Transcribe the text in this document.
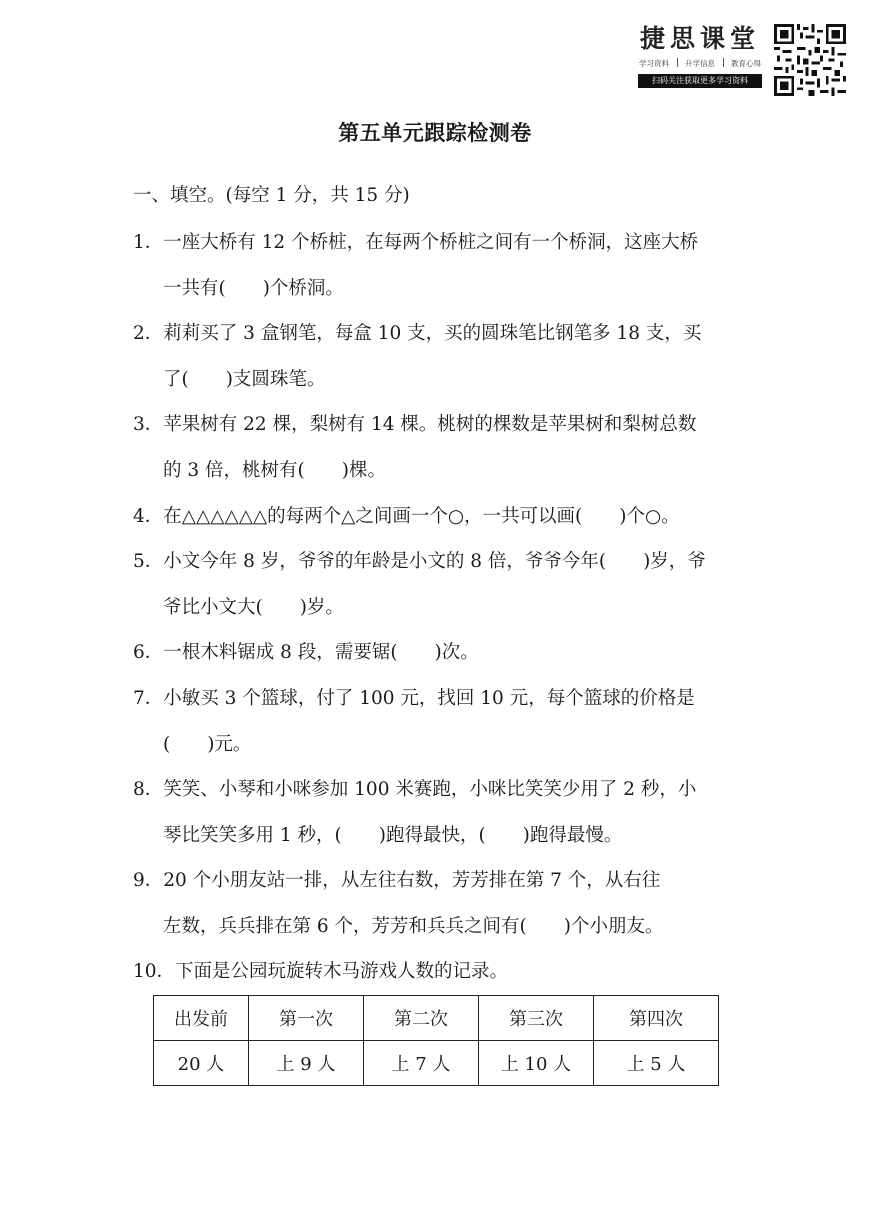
捷思课堂
学习资料 升学信息 教育心得
扫码关注获取更多学习资料
第五单元跟踪检测卷
一、填空。(每空 1 分，共 15 分)
1．一座大桥有 12 个桥桩，在每两个桥桩之间有一个桥洞，这座大桥
一共有(　　)个桥洞。
2．莉莉买了 3 盒钢笔，每盒 10 支，买的圆珠笔比钢笔多 18 支，买
了(　　)支圆珠笔。
3．苹果树有 22 棵，梨树有 14 棵。桃树的棵数是苹果树和梨树总数
的 3 倍，桃树有(　　)棵。
4．在△△△△△△的每两个△之间画一个○，一共可以画(　　)个○。
5．小文今年 8 岁，爷爷的年龄是小文的 8 倍，爷爷今年(　　)岁，爷
爷比小文大(　　)岁。
6．一根木料锯成 8 段，需要锯(　　)次。
7．小敏买 3 个篮球，付了 100 元，找回 10 元，每个篮球的价格是
(　　)元。
8．笑笑、小琴和小咪参加 100 米赛跑，小咪比笑笑少用了 2 秒，小
琴比笑笑多用 1 秒，(　　)跑得最快，(　　)跑得最慢。
9．20 个小朋友站一排，从左往右数，芳芳排在第 7 个，从右往
左数，兵兵排在第 6 个，芳芳和兵兵之间有(　　)个小朋友。
10．下面是公园玩旋转木马游戏人数的记录。
出发前	第一次	第二次	第三次	第四次
20 人	上 9 人	上 7 人	上 10 人	上 5 人
